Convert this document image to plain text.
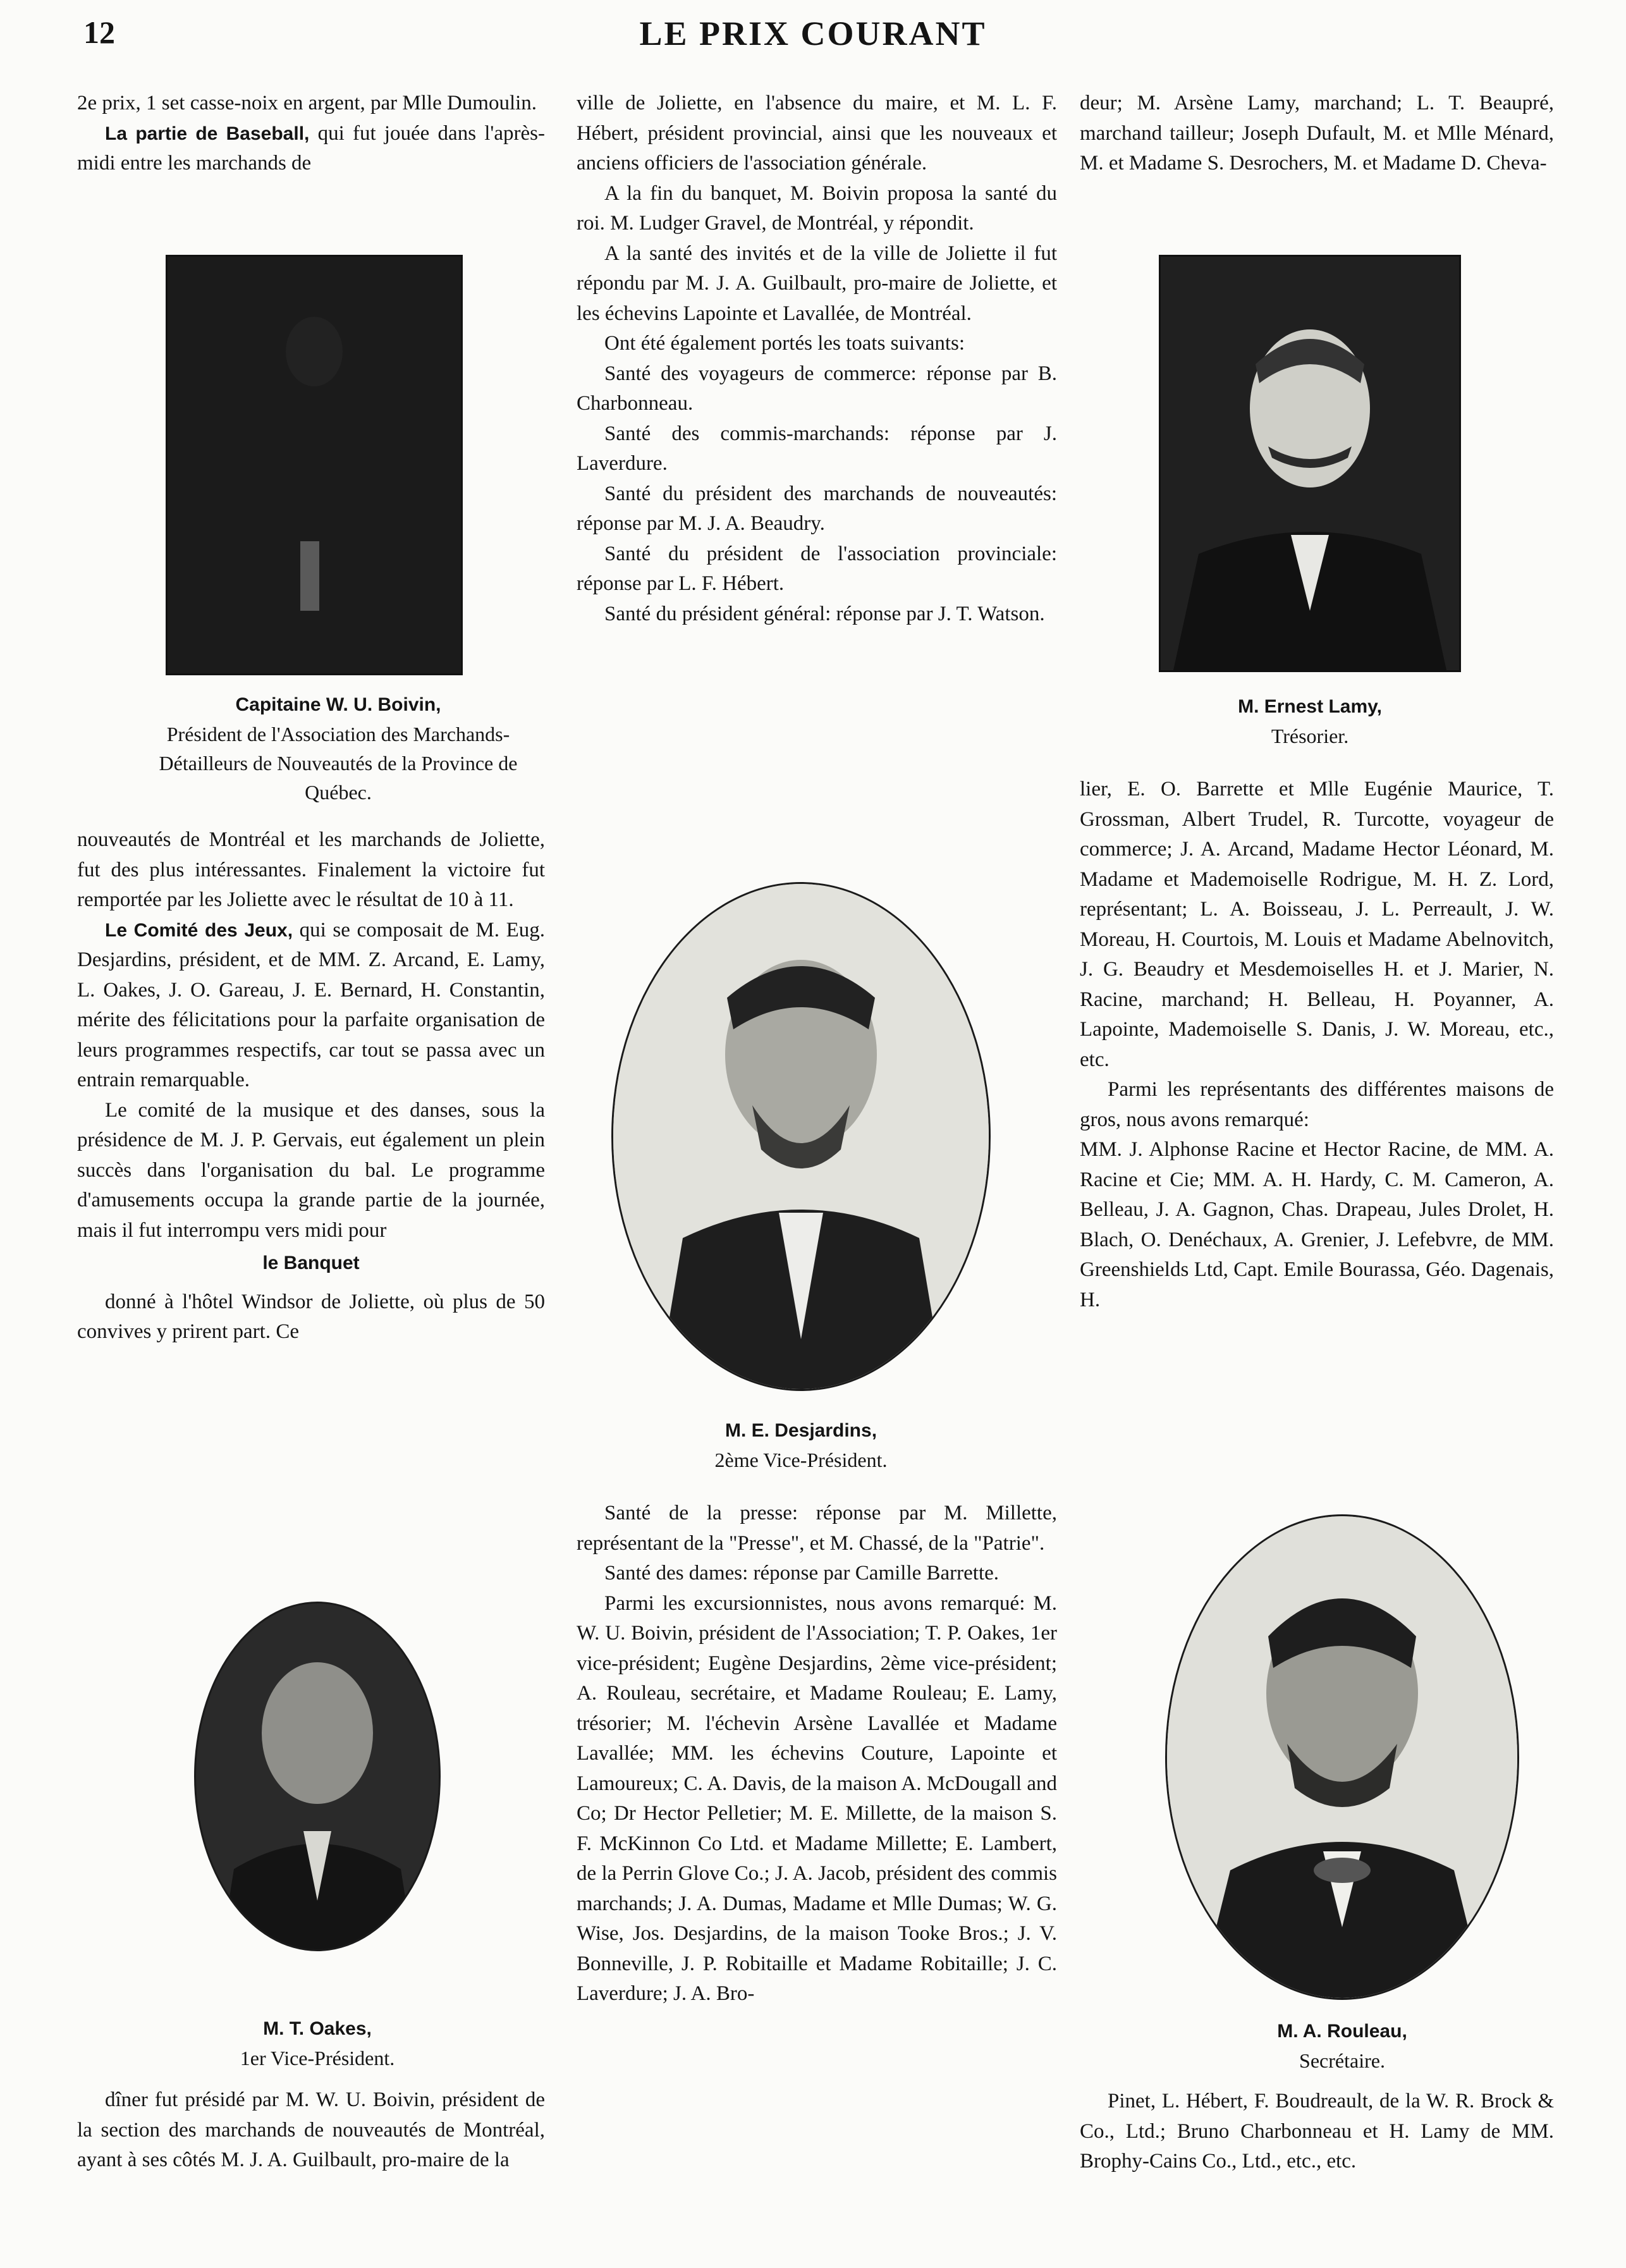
12	LE PRIX COURANT

2e prix, 1 set casse-noix en argent, par Mlle Dumoulin.

La partie de Baseball, qui fut jouée dans l'après-midi entre les marchands de

Capitaine W. U. Boivin,
Président de l'Association des Marchands-Détailleurs de Nouveautés de la Province de Québec.

nouveautés de Montréal et les marchands de Joliette, fut des plus intéressantes. Finalement la victoire fut remportée par les Joliette avec le résultat de 10 à 11.

Le Comité des Jeux, qui se composait de M. Eug. Desjardins, président, et de MM. Z. Arcand, E. Lamy, L. Oakes, J. O. Gareau, J. E. Bernard, H. Constantin, mérite des félicitations pour la parfaite organisation de leurs programmes respectifs, car tout se passa avec un entrain remarquable.

Le comité de la musique et des danses, sous la présidence de M. J. P. Gervais, eut également un plein succès dans l'organisation du bal. Le programme d'amusements occupa la grande partie de la journée, mais il fut interrompu vers midi pour

le Banquet

donné à l'hôtel Windsor de Joliette, où plus de 50 convives y prirent part. Ce

M. T. Oakes,
1er Vice-Président.

dîner fut présidé par M. W. U. Boivin, président de la section des marchands de nouveautés de Montréal, ayant à ses côtés M. J. A. Guilbault, pro-maire de la

ville de Joliette, en l'absence du maire, et M. L. F. Hébert, président provincial, ainsi que les nouveaux et anciens officiers de l'association générale.

A la fin du banquet, M. Boivin proposa la santé du roi. M. Ludger Gravel, de Montréal, y répondit.

A la santé des invités et de la ville de Joliette il fut répondu par M. J. A. Guilbault, pro-maire de Joliette, et les échevins Lapointe et Lavallée, de Montréal.

Ont été également portés les toats suivants:

Santé des voyageurs de commerce: réponse par B. Charbonneau.

Santé des commis-marchands: réponse par J. Laverdure.

Santé du président des marchands de nouveautés: réponse par M. J. A. Beaudry.

Santé du président de l'association provinciale: réponse par L. F. Hébert.

Santé du président général: réponse par J. T. Watson.

M. E. Desjardins,
2ème Vice-Président.

Santé de la presse: réponse par M. Millette, représentant de la "Presse", et M. Chassé, de la "Patrie".

Santé des dames: réponse par Camille Barrette.

Parmi les excursionnistes, nous avons remarqué: M. W. U. Boivin, président de l'Association; T. P. Oakes, 1er vice-président; Eugène Desjardins, 2ème vice-président; A. Rouleau, secrétaire, et Madame Rouleau; E. Lamy, trésorier; M. l'échevin Arsène Lavallée et Madame Lavallée; MM. les échevins Couture, Lapointe et Lamoureux; C. A. Davis, de la maison A. McDougall and Co; Dr Hector Pelletier; M. E. Millette, de la maison S. F. McKinnon Co Ltd. et Madame Millette; E. Lambert, de la Perrin Glove Co.; J. A. Jacob, président des commis marchands; J. A. Dumas, Madame et Mlle Dumas; W. G. Wise, Jos. Desjardins, de la maison Tooke Bros.; J. V. Bonneville, J. P. Robitaille et Madame Robitaille; J. C. Laverdure; J. A. Bro-

deur; M. Arsène Lamy, marchand; L. T. Beaupré, marchand tailleur; Joseph Dufault, M. et Mlle Ménard, M. et Madame S. Desrochers, M. et Madame D. Cheva-

M. Ernest Lamy,
Trésorier.

lier, E. O. Barrette et Mlle Eugénie Maurice, T. Grossman, Albert Trudel, R. Turcotte, voyageur de commerce; J. A. Arcand, Madame Hector Léonard, M. Madame et Mademoiselle Rodrigue, M. H. Z. Lord, représentant; L. A. Boisseau, J. L. Perreault, J. W. Moreau, H. Courtois, M. Louis et Madame Abelnovitch, J. G. Beaudry et Mesdemoiselles H. et J. Marier, N. Racine, marchand; H. Belleau, H. Poyanner, A. Lapointe, Mademoiselle S. Danis, J. W. Moreau, etc., etc.

Parmi les représentants des différentes maisons de gros, nous avons remarqué:

MM. J. Alphonse Racine et Hector Racine, de MM. A. Racine et Cie; MM. A. H. Hardy, C. M. Cameron, A. Belleau, J. A. Gagnon, Chas. Drapeau, Jules Drolet, H. Blach, O. Denéchaux, A. Grenier, J. Lefebvre, de MM. Greenshields Ltd, Capt. Emile Bourassa, Géo. Dagenais, H.

M. A. Rouleau,
Secrétaire.

Pinet, L. Hébert, F. Boudreault, de la W. R. Brock & Co., Ltd.; Bruno Charbonneau et H. Lamy de MM. Brophy-Cains Co., Ltd., etc., etc.
